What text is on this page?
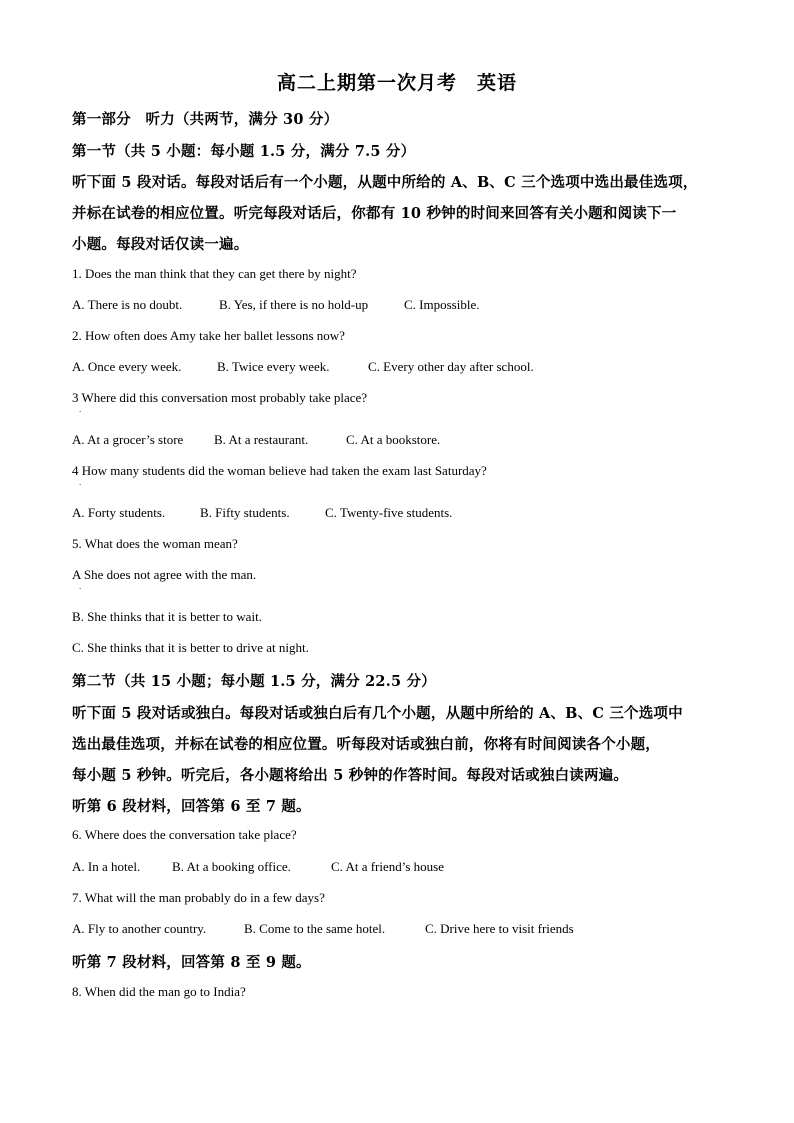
高二上期第一次月考　英语
第一部分　听力（共两节，满分 30 分）
第一节（共 5 小题：每小题 1.5 分，满分 7.5 分）
听下面 5 段对话。每段对话后有一个小题，从题中所给的 A、B、C 三个选项中选出最佳选项，
并标在试卷的相应位置。听完每段对话后，你都有 10 秒钟的时间来回答有关小题和阅读下一
小题。每段对话仅读一遍。
1. Does the man think that they can get there by night?
A. There is no doubt.	B. Yes, if there is no hold-up	C. Impossible.
2. How often does Amy take her ballet lessons now?
A. Once every week.	B. Twice every week.	C. Every other day after school.
3 Where did this conversation most probably take place?
.
A. At a grocer’s store B. At a restaurant.	C. At a bookstore.
4 How many students did the woman believe had taken the exam last Saturday?
.
A. Forty students.	B. Fifty students.	C. Twenty-five students.
5. What does the woman mean?
A She does not agree with the man.
.
B. She thinks that it is better to wait.
C. She thinks that it is better to drive at night.
第二节（共 15 小题；每小题 1.5 分，满分 22.5 分）
听下面 5 段对话或独白。每段对话或独白后有几个小题，从题中所给的 A、B、C 三个选项中
选出最佳选项，并标在试卷的相应位置。听每段对话或独白前，你将有时间阅读各个小题，
每小题 5 秒钟。听完后，各小题将给出 5 秒钟的作答时间。每段对话或独白读两遍。
听第 6 段材料，回答第 6 至 7 题。
6. Where does the conversation take place?
A. In a hotel. B. At a booking office.	C. At a friend’s house
7. What will the man probably do in a few days?
A. Fly to another country.	B. Come to the same hotel.	C. Drive here to visit friends
听第 7 段材料，回答第 8 至 9 题。
8. When did the man go to India?
